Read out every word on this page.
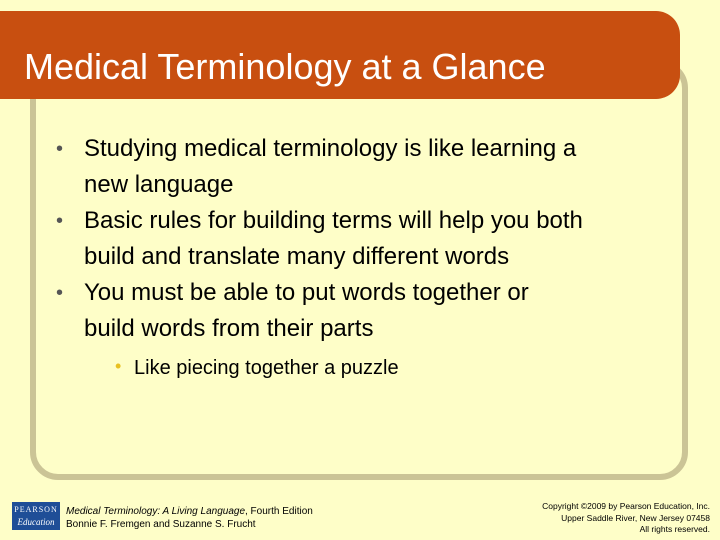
Medical Terminology at a Glance
• Studying medical terminology is like learning a
new language
• Basic rules for building terms will help you both
build and translate many different words
• You must be able to put words together or
build words from their parts
• Like piecing together a puzzle
PEARSON
Education
Medical Terminology: A Living Language, Fourth Edition
Bonnie F. Fremgen and Suzanne S. Frucht
Copyright ©2009 by Pearson Education, Inc.
Upper Saddle River, New Jersey 07458
All rights reserved.
